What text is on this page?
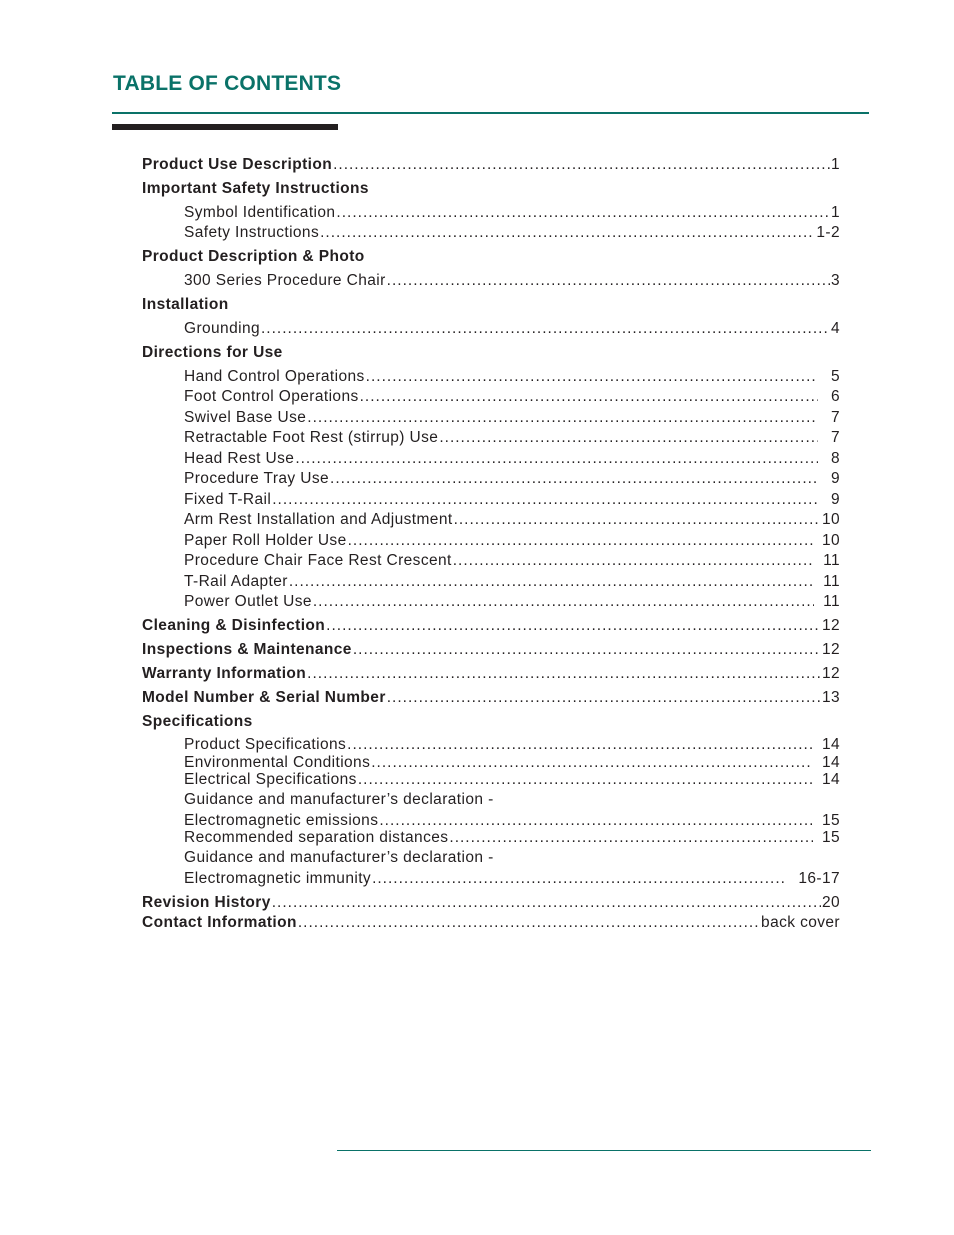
TABLE OF CONTENTS
Product Use Description .....	1
Important Safety Instructions
Symbol Identification .....	1
Safety Instructions .....	1-2
Product Description & Photo
300 Series Procedure Chair .....	3
Installation
Grounding .....	4
Directions for Use
Hand Control Operations .....	5
Foot Control Operations .....	6
Swivel Base Use .....	7
Retractable Foot Rest (stirrup) Use .....	7
Head Rest Use .....	8
Procedure Tray Use .....	9
Fixed T-Rail .....	9
Arm Rest Installation and Adjustment .....	10
Paper Roll Holder Use .....	10
Procedure Chair Face Rest Crescent .....	11
T-Rail Adapter .....	11
Power Outlet Use .....	11
Cleaning & Disinfection .....	12
Inspections & Maintenance .....	12
Warranty Information .....	12
Model Number & Serial Number .....	13
Specifications
Product Specifications .....	14
Environmental Conditions .....	14
Electrical Specifications .....	14
Guidance and manufacturer’s declaration -
Electromagnetic emissions .....	15
Recommended separation distances .....	15
Guidance and manufacturer’s declaration -
Electromagnetic immunity .....	16-17
Revision History .....	20
Contact Information .....	back cover
